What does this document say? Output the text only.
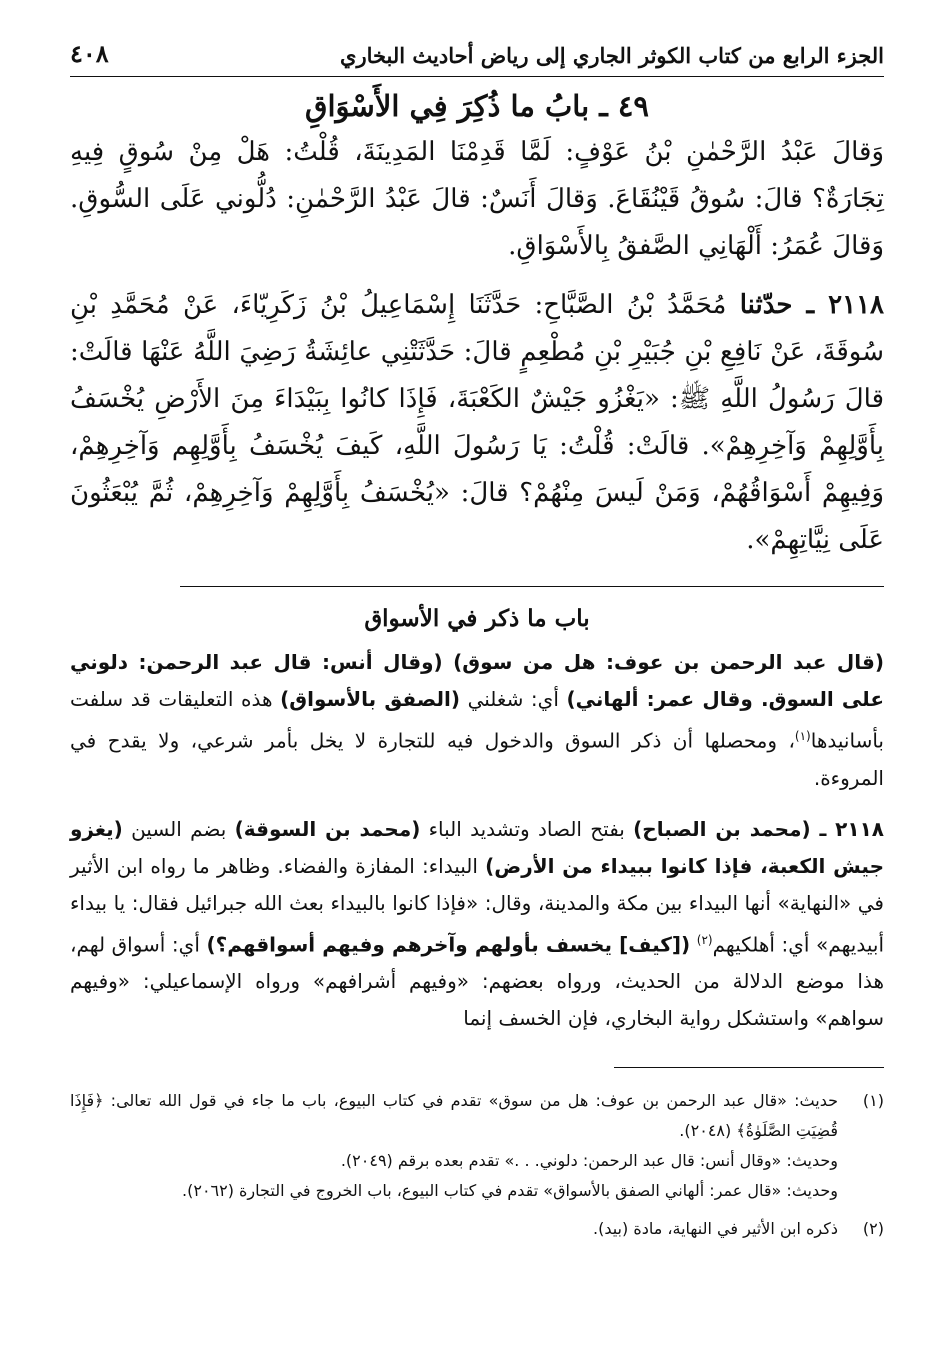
الجزء الرابع من كتاب الكوثر الجاري إلى رياض أحاديث البخاري
٤٠٨
٤٩ ـ بابُ ما ذُكِرَ فِي الأَسْوَاقِ

وَقالَ عَبْدُ الرَّحْمٰنِ بْنُ عَوْفٍ: لَمَّا قَدِمْنَا المَدِينَةَ، قُلْتُ: هَلْ مِنْ سُوقٍ فِيهِ تِجَارَةٌ؟ قالَ: سُوقُ قَيْنُقَاعَ. وَقالَ أَنَسٌ: قالَ عَبْدُ الرَّحْمٰنِ: دُلُّوني عَلَى السُّوقِ. وَقالَ عُمَرُ: أَلْهَانِي الصَّفقُ بِالأَسْوَاقِ.

٢١١٨ ـ حدّثنا مُحَمَّدُ بْنُ الصَّبَّاحِ: حَدَّثَنَا إِسْمَاعِيلُ بْنُ زَكَرِيّاءَ، عَنْ مُحَمَّدِ بْنِ سُوقَةَ، عَنْ نَافِعِ بْنِ جُبَيْرِ بْنِ مُطْعِمٍ قالَ: حَدَّثَتْنِي عائِشَةُ رَضِيَ اللَّهُ عَنْهَا قالَتْ: قالَ رَسُولُ اللَّهِ ﷺ: «يَغْزُو جَيْشٌ الكَعْبَةَ، فَإِذَا كانُوا بِبَيْدَاءَ مِنَ الأَرْضِ يُخْسَفُ بِأَوَّلِهِمْ وَآخِرِهِمْ». قالَتْ: قُلْتُ: يَا رَسُولَ اللَّهِ، كَيفَ يُخْسَفُ بِأَوَّلِهِم وَآخِرِهِمْ، وَفِيهِمْ أَسْوَاقُهُمْ، وَمَنْ لَيسَ مِنْهُمْ؟ قالَ: «يُخْسَفُ بِأَوَّلِهِمْ وَآخِرِهِمْ، ثُمَّ يُبْعَثُونَ عَلَى نِيَّاتِهِمْ».

باب ما ذكر في الأسواق

(قال عبد الرحمن بن عوف: هل من سوق) (وقال أنس: قال عبد الرحمن: دلوني على السوق. وقال عمر: ألهاني) أي: شغلني (الصفق بالأسواق) هذه التعليقات قد سلفت بأسانيدها$^{(١)}$، ومحصلها أن ذكر السوق والدخول فيه للتجارة لا يخل بأمر شرعي، ولا يقدح في المروءة.

٢١١٨ ـ (محمد بن الصباح) بفتح الصاد وتشديد الباء (محمد بن السوقة) بضم السين (يغزو جيش الكعبة، فإذا كانوا ببيداء من الأرض) البيداء: المفازة والفضاء. وظاهر ما رواه ابن الأثير في «النهاية» أنها البيداء بين مكة والمدينة، وقال: «فإذا كانوا بالبيداء بعث الله جبرائيل فقال: يا بيداء أبيديهم» أي: أهلكيهم$^{(٢)}$ ([كيف] يخسف بأولهم وآخرهم وفيهم أسواقهم؟) أي: أسواق لهم، هذا موضع الدلالة من الحديث، ورواه بعضهم: «وفيهم أشرافهم» ورواه الإسماعيلي: «وفيهم سواهم» واستشكل رواية البخاري، فإن الخسف إنما

(١)

حديث: «قال عبد الرحمن بن عوف: هل من سوق» تقدم في كتاب البيوع، باب ما جاء في قول الله تعالى: ﴿فَإِذَا قُضِيَتِ الصَّلَوٰةُ﴾ (٢٠٤٨).

وحديث: «وقال أنس: قال عبد الرحمن: دلوني. . .» تقدم بعده برقم (٢٠٤٩).

وحديث: «قال عمر: ألهاني الصفق بالأسواق» تقدم في كتاب البيوع، باب الخروج في التجارة (٢٠٦٢).

(٢)

ذكره ابن الأثير في النهاية، مادة (بيد).
